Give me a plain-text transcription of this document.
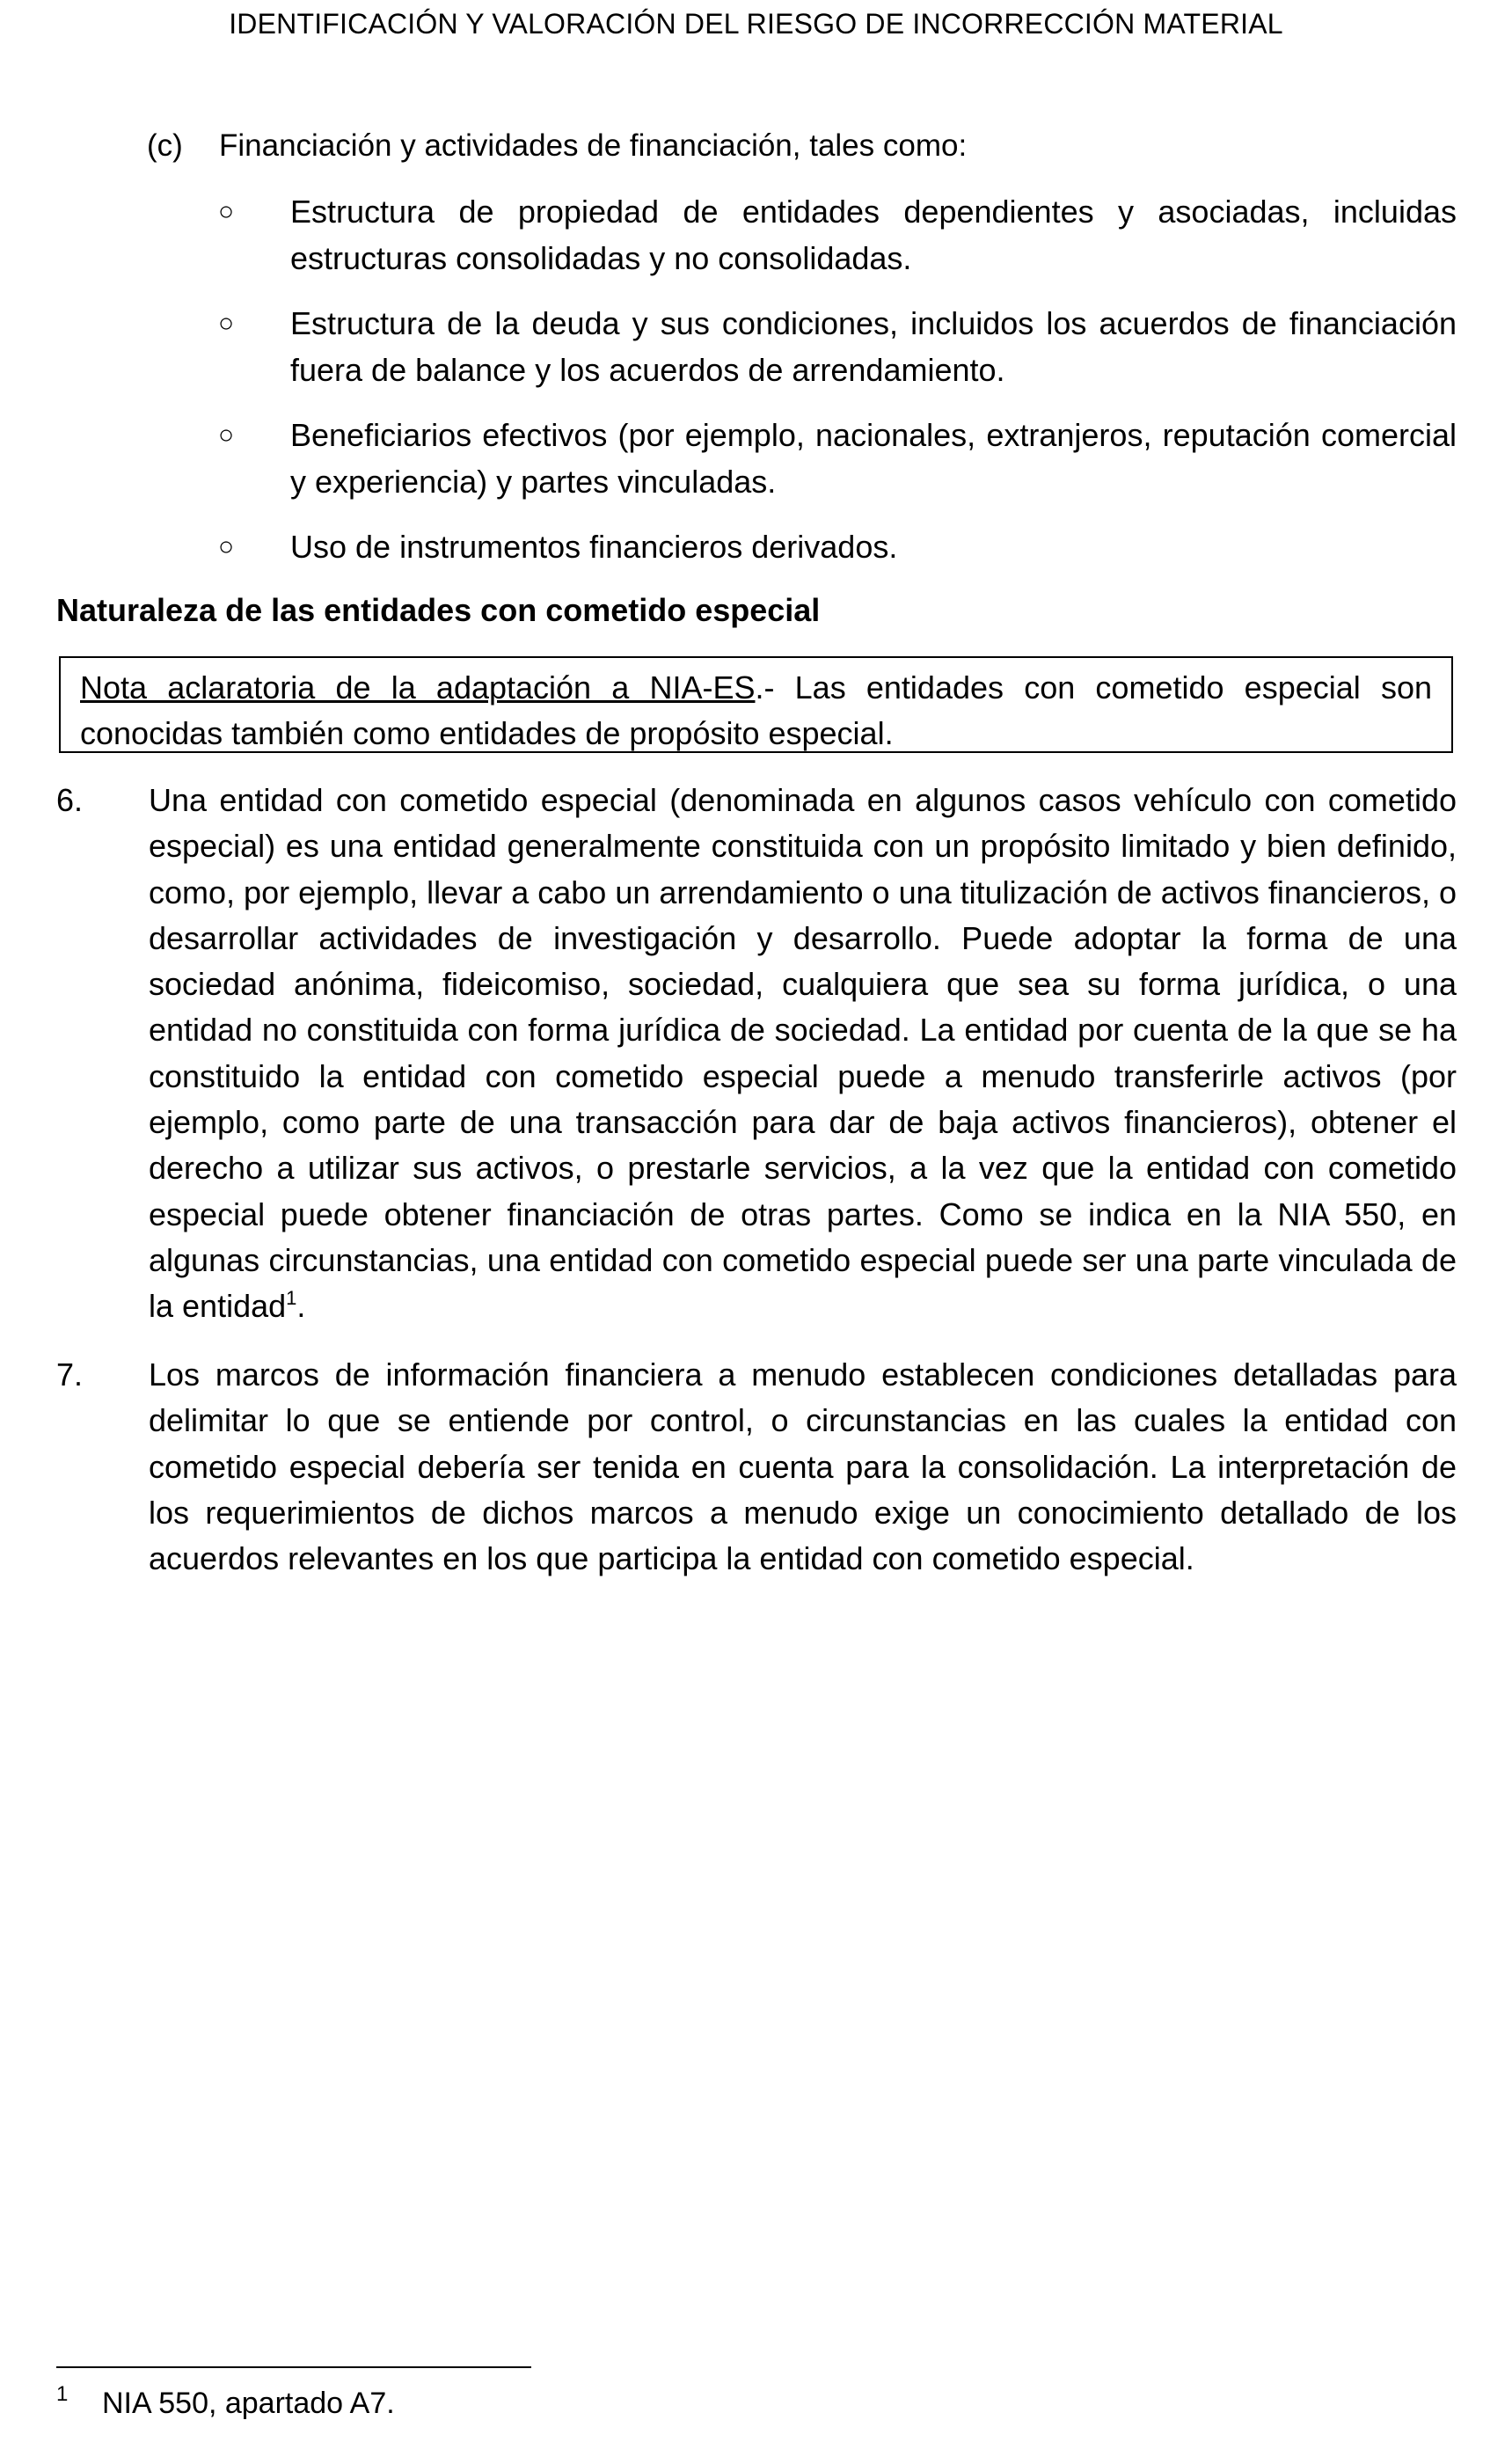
IDENTIFICACIÓN Y VALORACIÓN DEL RIESGO DE INCORRECCIÓN MATERIAL
(c) Financiación y actividades de financiación, tales como:
○ Estructura de propiedad de entidades dependientes y asociadas, incluidas estructuras consolidadas y no consolidadas.
○ Estructura de la deuda y sus condiciones, incluidos los acuerdos de financiación fuera de balance y los acuerdos de arrendamiento.
○ Beneficiarios efectivos (por ejemplo, nacionales, extranjeros, reputación comercial y experiencia) y partes vinculadas.
○ Uso de instrumentos financieros derivados.
Naturaleza de las entidades con cometido especial
Nota aclaratoria de la adaptación a NIA-ES.- Las entidades con cometido especial son conocidas también como entidades de propósito especial.
6. Una entidad con cometido especial (denominada en algunos casos vehículo con cometido especial) es una entidad generalmente constituida con un propósito limitado y bien definido, como, por ejemplo, llevar a cabo un arrendamiento o una titulización de activos financieros, o desarrollar actividades de investigación y desarrollo. Puede adoptar la forma de una sociedad anónima, fideicomiso, sociedad, cualquiera que sea su forma jurídica, o una entidad no constituida con forma jurídica de sociedad. La entidad por cuenta de la que se ha constituido la entidad con cometido especial puede a menudo transferirle activos (por ejemplo, como parte de una transacción para dar de baja activos financieros), obtener el derecho a utilizar sus activos, o prestarle servicios, a la vez que la entidad con cometido especial puede obtener financiación de otras partes. Como se indica en la NIA 550, en algunas circunstancias, una entidad con cometido especial puede ser una parte vinculada de la entidad$^1$.
7. Los marcos de información financiera a menudo establecen condiciones detalladas para delimitar lo que se entiende por control, o circunstancias en las cuales la entidad con cometido especial debería ser tenida en cuenta para la consolidación. La interpretación de los requerimientos de dichos marcos a menudo exige un conocimiento detallado de los acuerdos relevantes en los que participa la entidad con cometido especial.
1 NIA 550, apartado A7.
